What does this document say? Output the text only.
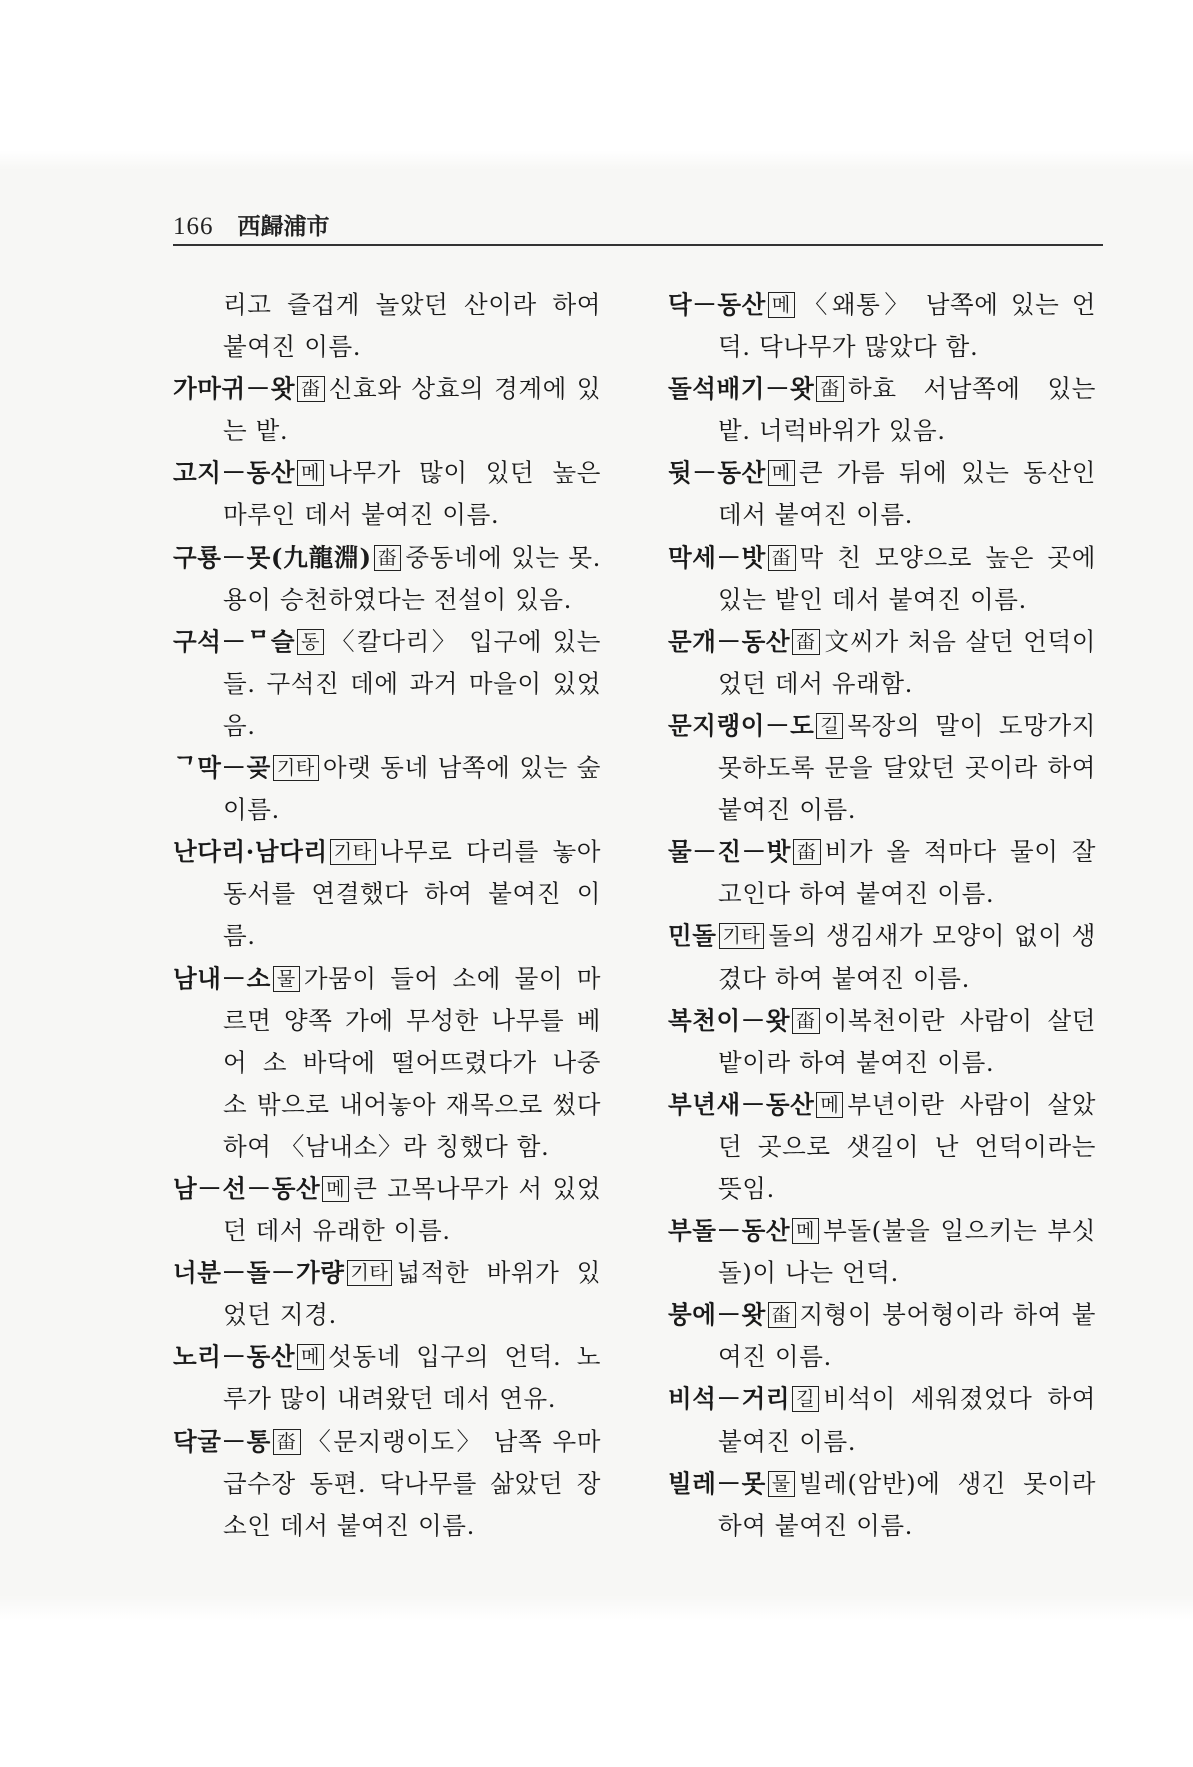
166 西歸浦市

리고 즐겁게 놀았던 산이라 하여 붙여진 이름.

가마귀－왓 畓 신효와 상효의 경계에 있는 밭.

고지－동산 메 나무가 많이 있던 높은 마루인 데서 붙여진 이름.

구룡－못(九龍淵) 畓 중동네에 있는 못. 용이 승천하였다는 전설이 있음.

구석－ᄆ슬 동 〈칼다리〉 입구에 있는 들. 구석진 데에 과거 마을이 있었음.

ᄀ막－곶 기타 아랫 동네 남쪽에 있는 숲 이름.

난다리·남다리 기타 나무로 다리를 놓아 동서를 연결했다 하여 붙여진 이름.

남내－소 물 가뭄이 들어 소에 물이 마르면 양쪽 가에 무성한 나무를 베어 소 바닥에 떨어뜨렸다가 나중 소 밖으로 내어놓아 재목으로 썼다 하여 〈남내소〉라 칭했다 함.

남－선－동산 메 큰 고목나무가 서 있었던 데서 유래한 이름.

너분－돌－가량 기타 넓적한 바위가 있었던 지경.

노리－동산 메 섯동네 입구의 언덕. 노루가 많이 내려왔던 데서 연유.

닥굴－통 畓 〈문지랭이도〉 남쪽 우마 급수장 동편. 닥나무를 삶았던 장소인 데서 붙여진 이름.

닥－동산 메 〈왜통〉 남쪽에 있는 언덕. 닥나무가 많았다 함.

돌석배기－왓 畓 하효 서남쪽에 있는 밭. 너럭바위가 있음.

뒷－동산 메 큰 가름 뒤에 있는 동산인 데서 붙여진 이름.

막세－밧 畓 막 친 모양으로 높은 곳에 있는 밭인 데서 붙여진 이름.

문개－동산 畓 文씨가 처음 살던 언덕이었던 데서 유래함.

문지랭이－도 길 목장의 말이 도망가지 못하도록 문을 달았던 곳이라 하여 붙여진 이름.

물－진－밧 畓 비가 올 적마다 물이 잘 고인다 하여 붙여진 이름.

민돌 기타 돌의 생김새가 모양이 없이 생겼다 하여 붙여진 이름.

복천이－왓 畓 이복천이란 사람이 살던 밭이라 하여 붙여진 이름.

부년새－동산 메 부년이란 사람이 살았던 곳으로 샛길이 난 언덕이라는 뜻임.

부돌－동산 메 부돌(불을 일으키는 부싯돌)이 나는 언덕.

붕에－왓 畓 지형이 붕어형이라 하여 붙여진 이름.

비석－거리 길 비석이 세워졌었다 하여 붙여진 이름.

빌레－못 물 빌레(암반)에 생긴 못이라 하여 붙여진 이름.
